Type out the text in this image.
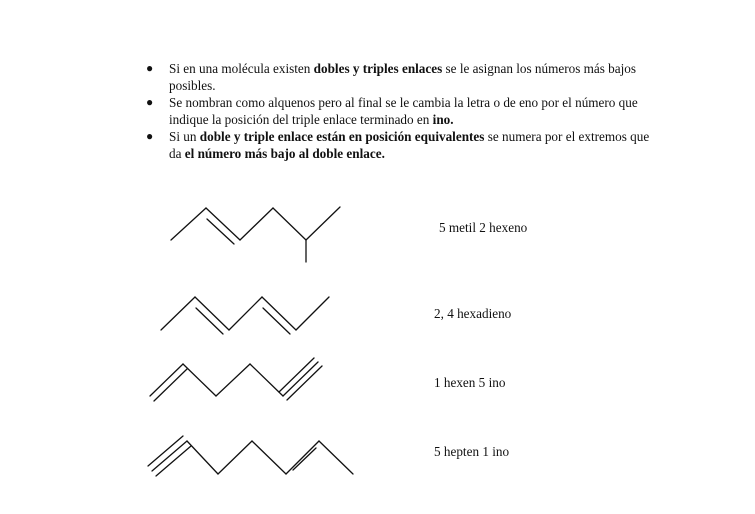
● Si en una molécula existen dobles y triples enlaces se le asignan los números más bajos posibles.
● Se nombran como alquenos pero al final se le cambia la letra o de eno por el número que indique la posición del triple enlace terminado en ino.
● Si un doble y triple enlace están en posición equivalentes se numera por el extremos que da el número más bajo al doble enlace.
5 metil 2 hexeno
2, 4 hexadieno
1 hexen 5 ino
5 hepten 1 ino
